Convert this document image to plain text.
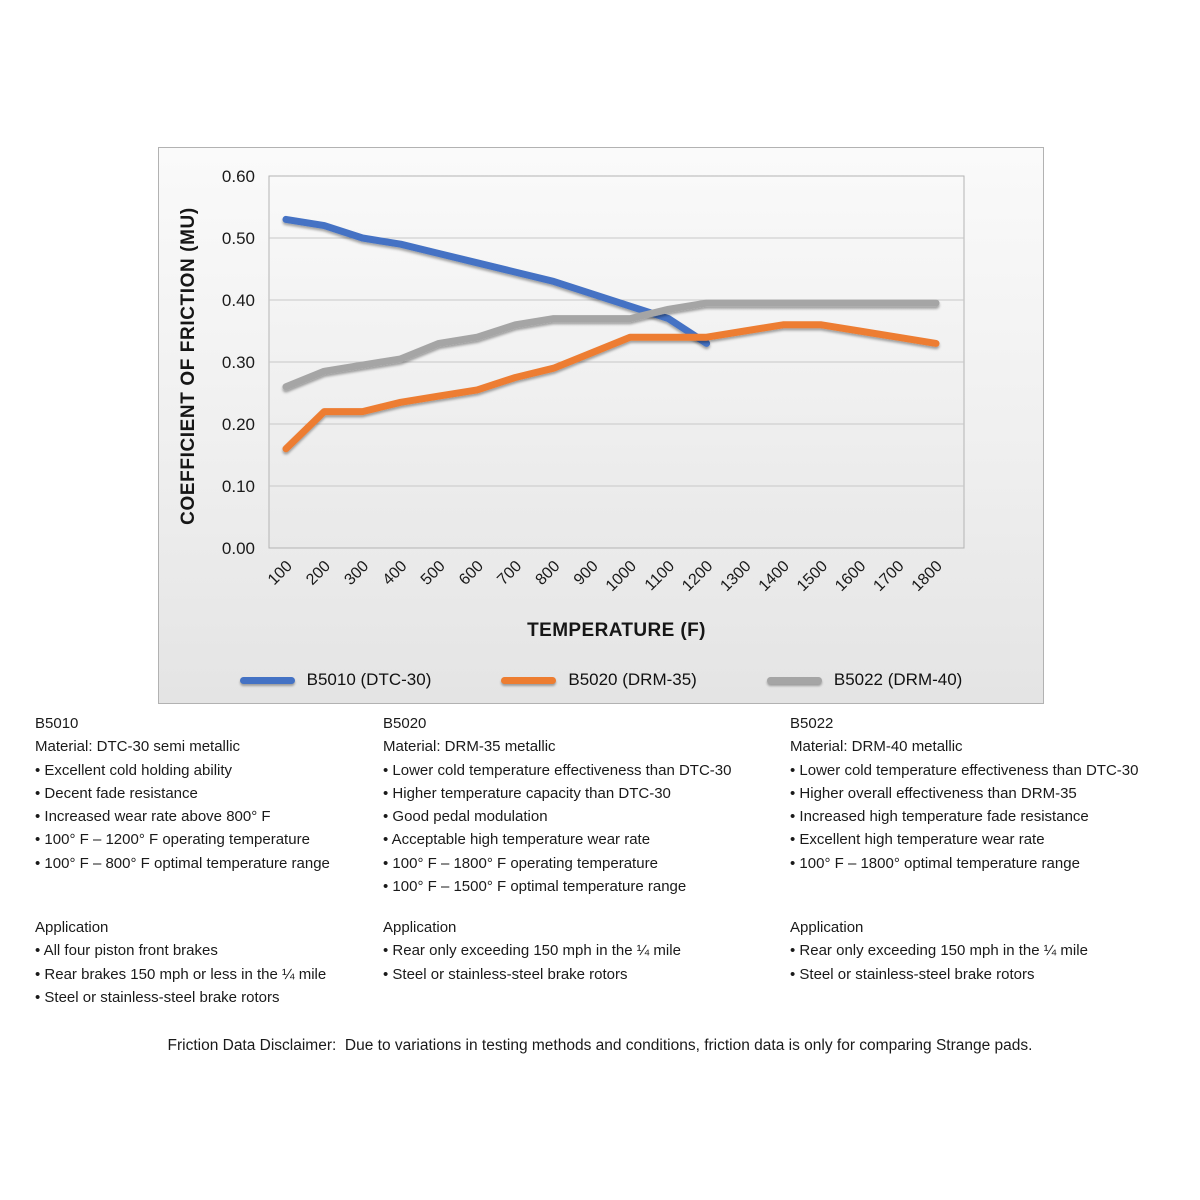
0.00
0.10
0.20
0.30
0.40
0.50
0.60
100 200 300 400 500 600 700 800 900 1000 1100 1200 1300 1400 1500 1600 1700 1800
COEFFICIENT OF FRICTION (MU)
TEMPERATURE (F)
B5010 (DTC-30)	B5020 (DRM-35)	B5022 (DRM-40)
B5010
Material: DTC-30 semi metallic
• Excellent cold holding ability
• Decent fade resistance
• Increased wear rate above 800° F
• 100° F – 1200° F operating temperature
• 100° F – 800° F optimal temperature range
B5020
Material: DRM-35 metallic
• Lower cold temperature effectiveness than DTC-30
• Higher temperature capacity than DTC-30
• Good pedal modulation
• Acceptable high temperature wear rate
• 100° F – 1800° F operating temperature
• 100° F – 1500° F optimal temperature range
B5022
Material: DRM-40 metallic
• Lower cold temperature effectiveness than DTC-30
• Higher overall effectiveness than DRM-35
• Increased high temperature fade resistance
• Excellent high temperature wear rate
• 100° F – 1800° optimal temperature range
Application
• All four piston front brakes
• Rear brakes 150 mph or less in the ¼ mile
• Steel or stainless-steel brake rotors
Application
• Rear only exceeding 150 mph in the ¼ mile
• Steel or stainless-steel brake rotors
Application
• Rear only exceeding 150 mph in the ¼ mile
• Steel or stainless-steel brake rotors
Friction Data Disclaimer:  Due to variations in testing methods and conditions, friction data is only for comparing Strange pads.
